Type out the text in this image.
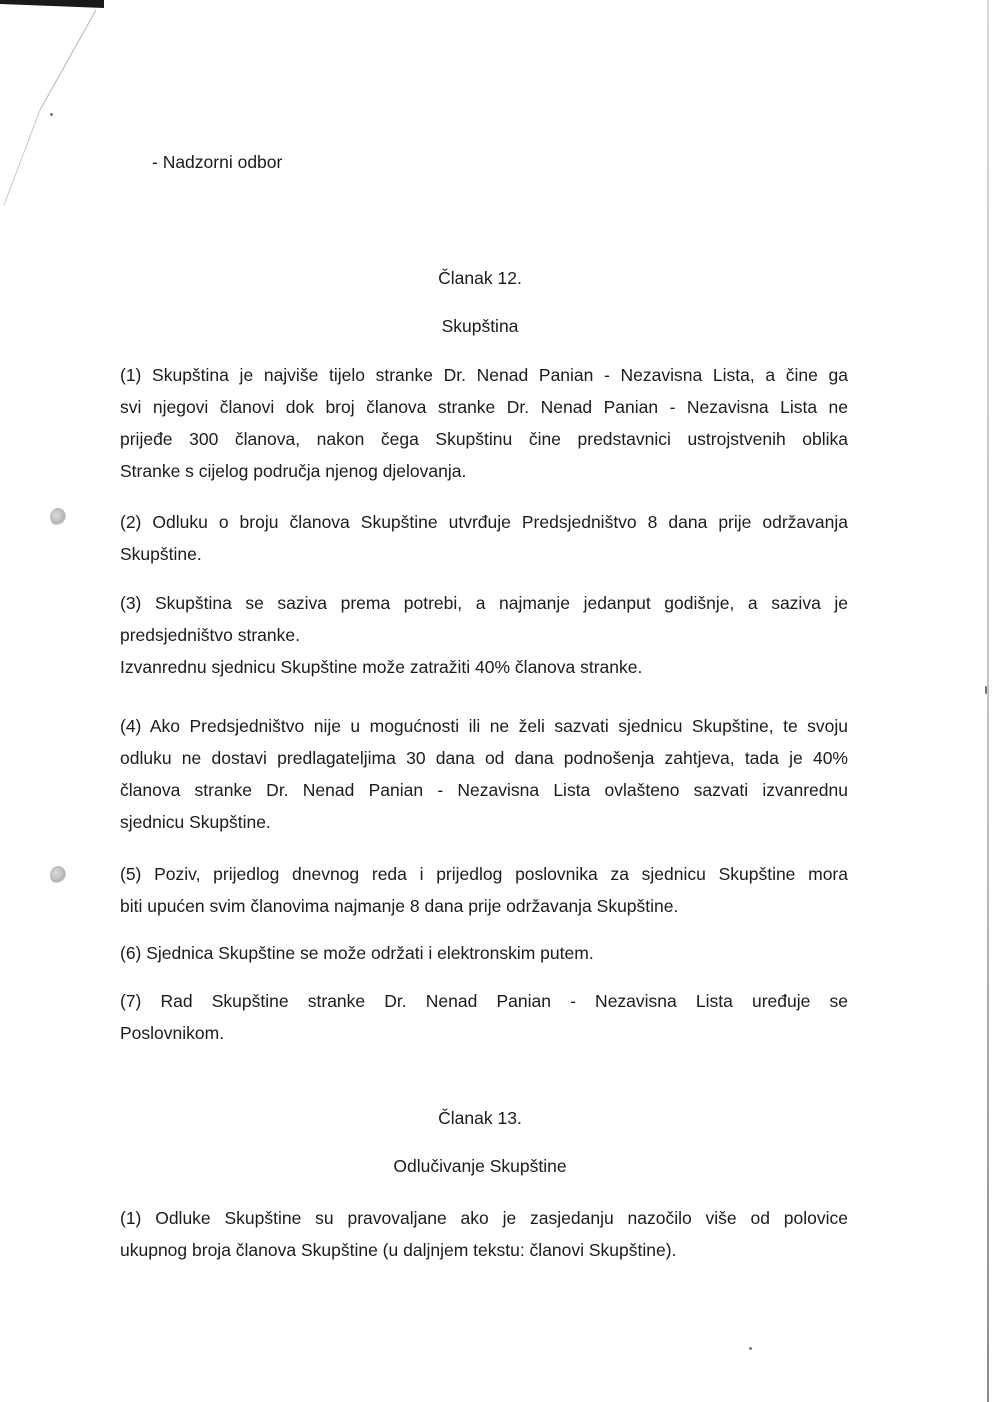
- Nadzorni odbor
Članak 12.
Skupština
(1) Skupština je najviše tijelo stranke Dr. Nenad Panian - Nezavisna Lista, a čine ga
svi njegovi članovi dok broj članova stranke Dr. Nenad Panian - Nezavisna Lista ne
prijeđe 300 članova, nakon čega Skupštinu čine predstavnici ustrojstvenih oblika
Stranke s cijelog područja njenog djelovanja.
(2) Odluku o broju članova Skupštine utvrđuje Predsjedništvo 8 dana prije održavanja
Skupštine.
(3) Skupština se saziva prema potrebi, a najmanje jedanput godišnje, a saziva je
predsjedništvo stranke.
Izvanrednu sjednicu Skupštine može zatražiti 40% članova stranke.
(4) Ako Predsjedništvo nije u mogućnosti ili ne želi sazvati sjednicu Skupštine, te svoju
odluku ne dostavi predlagateljima 30 dana od dana podnošenja zahtjeva, tada je 40%
članova stranke Dr. Nenad Panian - Nezavisna Lista ovlašteno sazvati izvanrednu
sjednicu Skupštine.
(5) Poziv, prijedlog dnevnog reda i prijedlog poslovnika za sjednicu Skupštine mora
biti upućen svim članovima najmanje 8 dana prije održavanja Skupštine.
(6) Sjednica Skupštine se može održati i elektronskim putem.
(7) Rad Skupštine stranke Dr. Nenad Panian - Nezavisna Lista uređuje se
Poslovnikom.
Članak 13.
Odlučivanje Skupštine
(1) Odluke Skupštine su pravovaljane ako je zasjedanju nazočilo više od polovice
ukupnog broja članova Skupštine (u daljnjem tekstu: članovi Skupštine).
